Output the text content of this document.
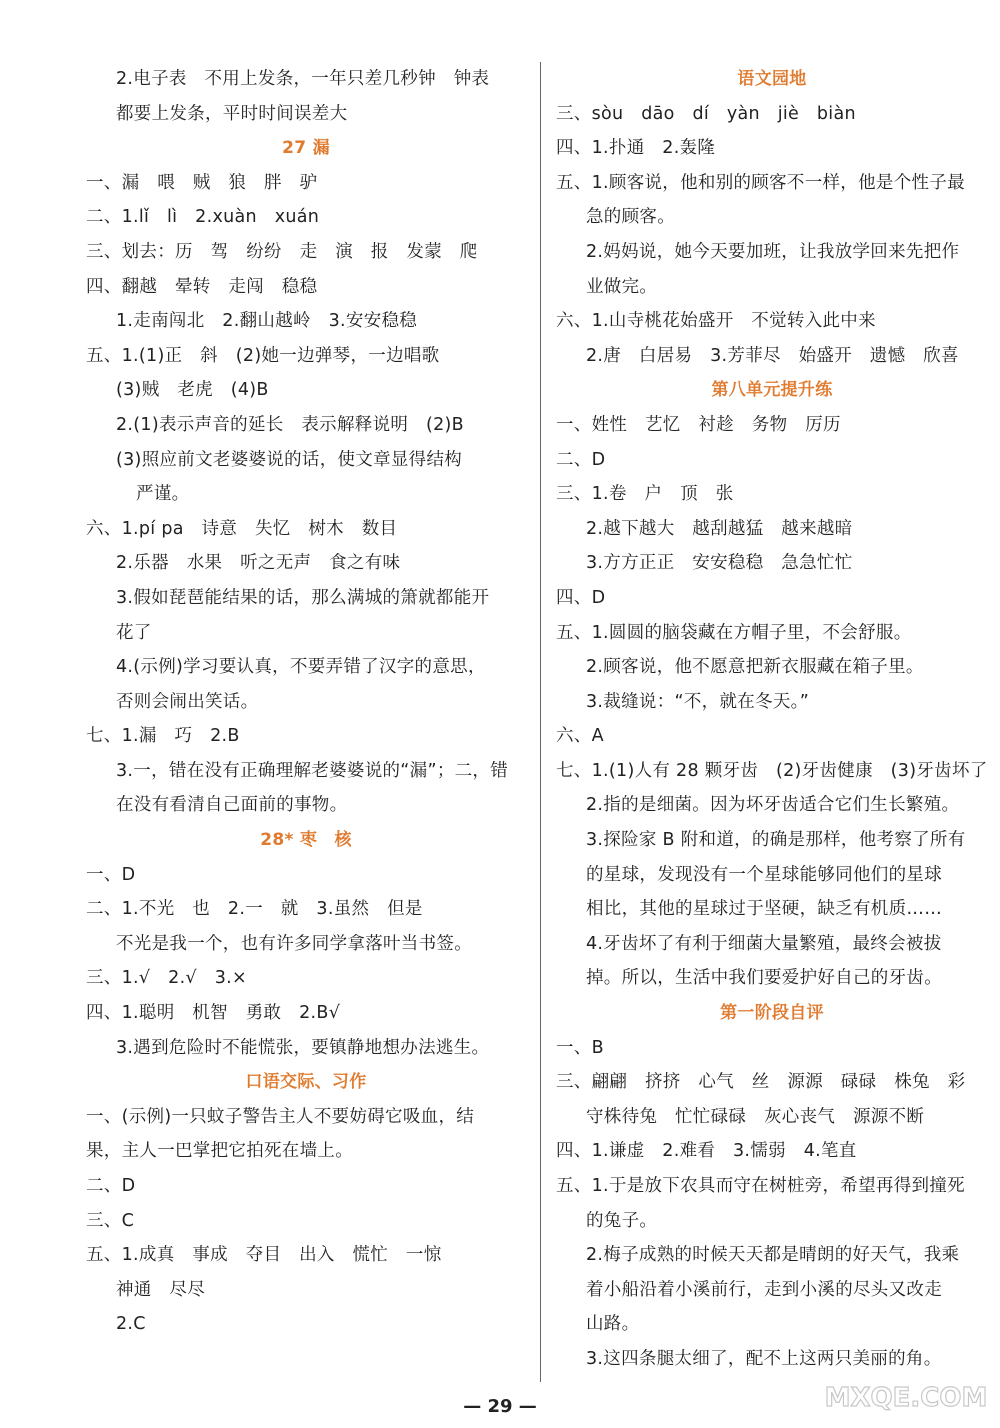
2.电子表　不用上发条，一年只差几秒钟　钟表
都要上发条，平时时间误差大
27 漏
一、漏　喂　贼　狼　胖　驴
二、1.lǐ　lì　2.xuàn　xuán
三、划去：历　驾　纷纷　走　演　报　发蒙　爬
四、翻越　晕转　走闯　稳稳
1.走南闯北　2.翻山越岭　3.安安稳稳
五、1.(1)正　斜　(2)她一边弹琴，一边唱歌
(3)贼　老虎　(4)B
2.(1)表示声音的延长　表示解释说明　(2)B
(3)照应前文老婆婆说的话，使文章显得结构
严谨。
六、1.pí pa　诗意　失忆　树木　数目
2.乐器　水果　听之无声　食之有味
3.假如琵琶能结果的话，那么满城的箫就都能开
花了
4.(示例)学习要认真，不要弄错了汉字的意思，
否则会闹出笑话。
七、1.漏　巧　2.B
3.一，错在没有正确理解老婆婆说的“漏”；二，错
在没有看清自己面前的事物。
28* 枣　核
一、D
二、1.不光　也　2.一　就　3.虽然　但是
不光是我一个，也有许多同学拿落叶当书签。
三、1.√　2.√　3.×
四、1.聪明　机智　勇敢　2.B√
3.遇到危险时不能慌张，要镇静地想办法逃生。
口语交际、习作
一、(示例)一只蚊子警告主人不要妨碍它吸血，结
果，主人一巴掌把它拍死在墙上。
二、D
三、C
五、1.成真　事成　夺目　出入　慌忙　一惊
神通　尽尽
2.C
语文园地
三、sòu　dāo　dí　yàn　jiè　biàn
四、1.扑通　2.轰隆
五、1.顾客说，他和别的顾客不一样，他是个性子最
急的顾客。
2.妈妈说，她今天要加班，让我放学回来先把作
业做完。
六、1.山寺桃花始盛开　不觉转入此中来
2.唐　白居易　3.芳菲尽　始盛开　遗憾　欣喜
第八单元提升练
一、姓性　艺忆　衬趁　务物　厉历
二、D
三、1.卷　户　顶　张
2.越下越大　越刮越猛　越来越暗
3.方方正正　安安稳稳　急急忙忙
四、D
五、1.圆圆的脑袋藏在方帽子里，不会舒服。
2.顾客说，他不愿意把新衣服藏在箱子里。
3.裁缝说：“不，就在冬天。”
六、A
七、1.(1)人有 28 颗牙齿　(2)牙齿健康　(3)牙齿坏了
2.指的是细菌。因为坏牙齿适合它们生长繁殖。
3.探险家 B 附和道，的确是那样，他考察了所有
的星球，发现没有一个星球能够同他们的星球
相比，其他的星球过于坚硬，缺乏有机质……
4.牙齿坏了有利于细菌大量繁殖，最终会被拔
掉。所以，生活中我们要爱护好自己的牙齿。
第一阶段自评
一、B
三、翩翩　挤挤　心气　丝　源源　碌碌　株兔　彩
守株待兔　忙忙碌碌　灰心丧气　源源不断
四、1.谦虚　2.难看　3.懦弱　4.笔直
五、1.于是放下农具而守在树桩旁，希望再得到撞死
的兔子。
2.梅子成熟的时候天天都是晴朗的好天气，我乘
着小船沿着小溪前行，走到小溪的尽头又改走
山路。
3.这四条腿太细了，配不上这两只美丽的角。
— 29 —	MXQE.COM
